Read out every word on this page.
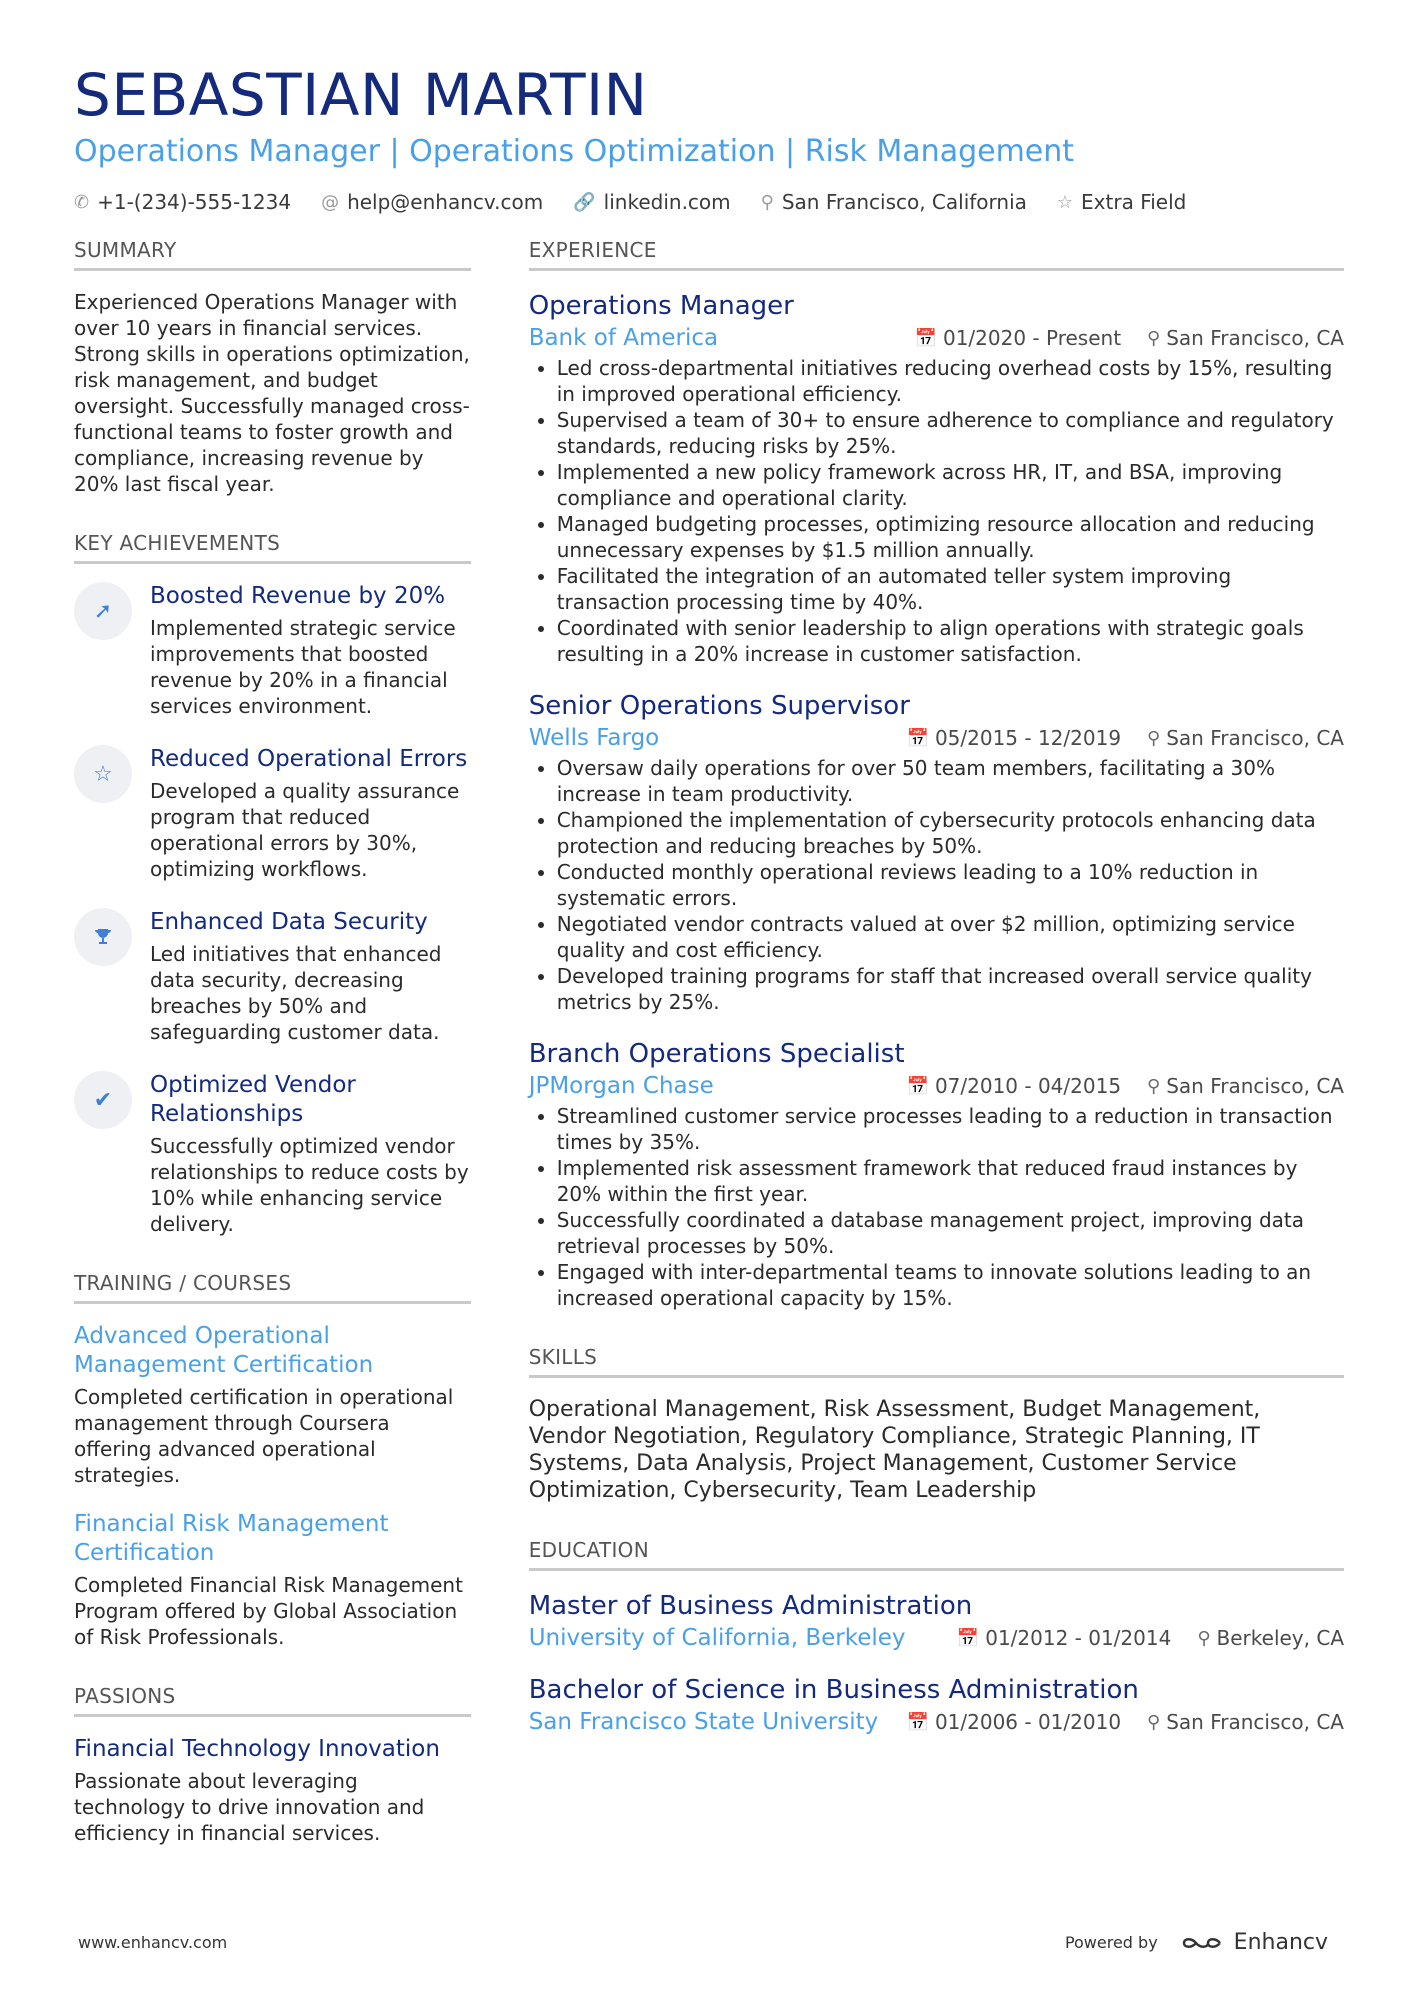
SEBASTIAN MARTIN
Operations Manager | Operations Optimization | Risk Management
✆ +1-(234)-555-1234 @ help@enhancv.com 🔗 linkedin.com ⚲ San Francisco, California ☆ Extra Field
SUMMARY
Experienced Operations Manager with over 10 years in financial services. Strong skills in operations optimization, risk management, and budget oversight. Successfully managed cross-functional teams to foster growth and compliance, increasing revenue by 20% last fiscal year.
KEY ACHIEVEMENTS
➚
Boosted Revenue by 20%
Implemented strategic service improvements that boosted revenue by 20% in a financial services environment.
☆
Reduced Operational Errors
Developed a quality assurance program that reduced operational errors by 30%, optimizing workflows.
Enhanced Data Security
Led initiatives that enhanced data security, decreasing breaches by 50% and safeguarding customer data.
✔
Optimized Vendor Relationships
Successfully optimized vendor relationships to reduce costs by 10% while enhancing service delivery.
TRAINING / COURSES
Advanced Operational Management Certification
Completed certification in operational management through Coursera offering advanced operational strategies.
Financial Risk Management Certification
Completed Financial Risk Management Program offered by Global Association of Risk Professionals.
PASSIONS
Financial Technology Innovation
Passionate about leveraging technology to drive innovation and efficiency in financial services.
EXPERIENCE
Operations Manager
Bank of America	📅 01/2020 - Present ⚲ San Francisco, CA
• Led cross-departmental initiatives reducing overhead costs by 15%, resulting in improved operational efficiency.
• Supervised a team of 30+ to ensure adherence to compliance and regulatory standards, reducing risks by 25%.
• Implemented a new policy framework across HR, IT, and BSA, improving compliance and operational clarity.
• Managed budgeting processes, optimizing resource allocation and reducing unnecessary expenses by $1.5 million annually.
• Facilitated the integration of an automated teller system improving transaction processing time by 40%.
• Coordinated with senior leadership to align operations with strategic goals resulting in a 20% increase in customer satisfaction.
Senior Operations Supervisor
Wells Fargo	📅 05/2015 - 12/2019 ⚲ San Francisco, CA
• Oversaw daily operations for over 50 team members, facilitating a 30% increase in team productivity.
• Championed the implementation of cybersecurity protocols enhancing data protection and reducing breaches by 50%.
• Conducted monthly operational reviews leading to a 10% reduction in systematic errors.
• Negotiated vendor contracts valued at over $2 million, optimizing service quality and cost efficiency.
• Developed training programs for staff that increased overall service quality metrics by 25%.
Branch Operations Specialist
JPMorgan Chase	📅 07/2010 - 04/2015 ⚲ San Francisco, CA
• Streamlined customer service processes leading to a reduction in transaction times by 35%.
• Implemented risk assessment framework that reduced fraud instances by 20% within the first year.
• Successfully coordinated a database management project, improving data retrieval processes by 50%.
• Engaged with inter-departmental teams to innovate solutions leading to an increased operational capacity by 15%.
SKILLS
Operational Management, Risk Assessment, Budget Management, Vendor Negotiation, Regulatory Compliance, Strategic Planning, IT Systems, Data Analysis, Project Management, Customer Service Optimization, Cybersecurity, Team Leadership
EDUCATION
Master of Business Administration
University of California, Berkeley	📅 01/2012 - 01/2014 ⚲ Berkeley, CA
Bachelor of Science in Business Administration
San Francisco State University 📅 01/2006 - 01/2010 ⚲ San Francisco, CA
www.enhancv.com	Powered by	Enhancv
